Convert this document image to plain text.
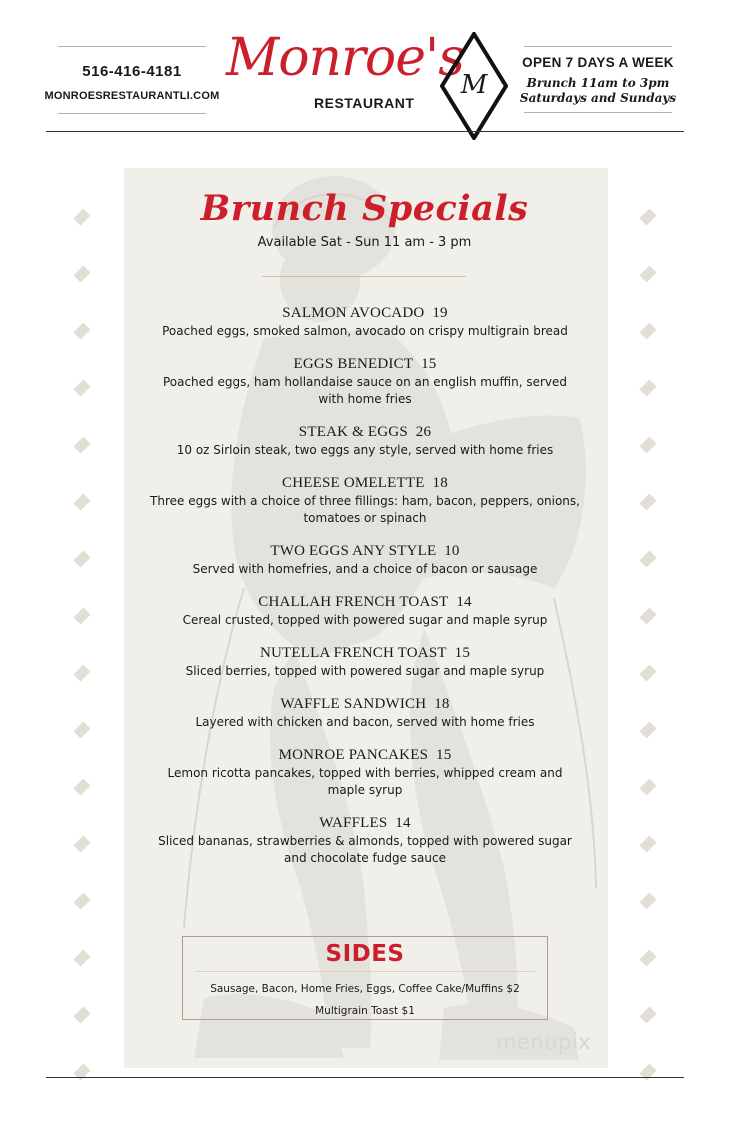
516-416-4181
MONROESRESTAURANTLI.COM
Monroe's
RESTAURANT
M
OPEN 7 DAYS A WEEK
Brunch 11am to 3pm
Saturdays and Sundays
Brunch Specials
Available Sat - Sun 11 am - 3 pm
SALMON AVOCADO 19
Poached eggs, smoked salmon, avocado on crispy multigrain bread
EGGS BENEDICT 15
Poached eggs, ham hollandaise sauce on an english muffin, served with home fries
STEAK & EGGS 26
10 oz Sirloin steak, two eggs any style, served with home fries
CHEESE OMELETTE 18
Three eggs with a choice of three fillings: ham, bacon, peppers, onions, tomatoes or spinach
TWO EGGS ANY STYLE 10
Served with homefries, and a choice of bacon or sausage
CHALLAH FRENCH TOAST 14
Cereal crusted, topped with powered sugar and maple syrup
NUTELLA FRENCH TOAST 15
Sliced berries, topped with powered sugar and maple syrup
WAFFLE SANDWICH 18
Layered with chicken and bacon, served with home fries
MONROE PANCAKES 15
Lemon ricotta pancakes, topped with berries, whipped cream and maple syrup
WAFFLES 14
Sliced bananas, strawberries & almonds, topped with powered sugar and chocolate fudge sauce
SIDES
Sausage, Bacon, Home Fries, Eggs, Coffee Cake/Muffins $2
Multigrain Toast $1
menupix
